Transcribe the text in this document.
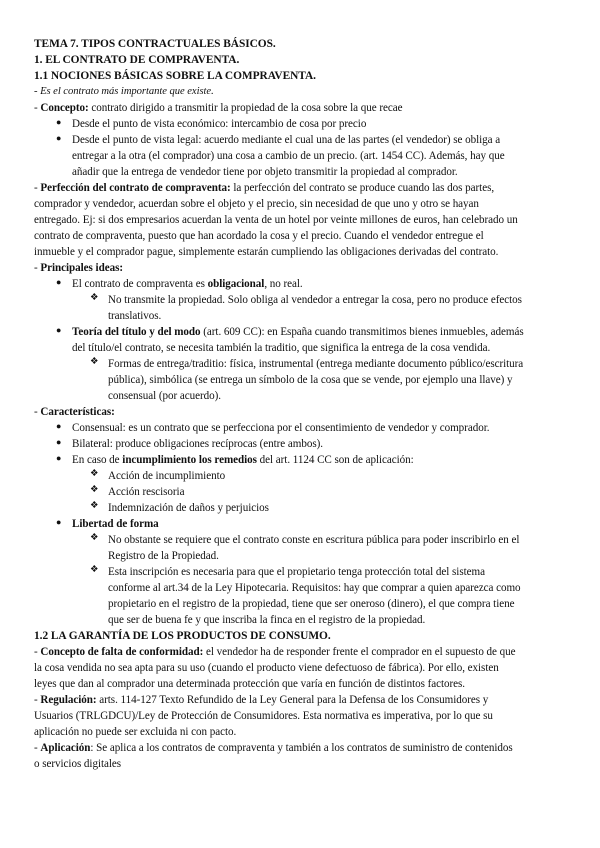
TEMA 7. TIPOS CONTRACTUALES BÁSICOS.
1. EL CONTRATO DE COMPRAVENTA.
1.1 NOCIONES BÁSICAS SOBRE LA COMPRAVENTA.
- Es el contrato más importante que existe.
- Concepto: contrato dirigido a transmitir la propiedad de la cosa sobre la que recae
● Desde el punto de vista económico: intercambio de cosa por precio
● Desde el punto de vista legal: acuerdo mediante el cual una de las partes (el vendedor) se obliga a
entregar a la otra (el comprador) una cosa a cambio de un precio. (art. 1454 CC). Además, hay que
añadir que la entrega de vendedor tiene por objeto transmitir la propiedad al comprador.
- Perfección del contrato de compraventa: la perfección del contrato se produce cuando las dos partes,
comprador y vendedor, acuerdan sobre el objeto y el precio, sin necesidad de que uno y otro se hayan
entregado. Ej: si dos empresarios acuerdan la venta de un hotel por veinte millones de euros, han celebrado un
contrato de compraventa, puesto que han acordado la cosa y el precio. Cuando el vendedor entregue el
inmueble y el comprador pague, simplemente estarán cumpliendo las obligaciones derivadas del contrato.
- Principales ideas:
● El contrato de compraventa es obligacional, no real.
❖ No transmite la propiedad. Solo obliga al vendedor a entregar la cosa, pero no produce efectos
translativos.
● Teoría del título y del modo (art. 609 CC): en España cuando transmitimos bienes inmuebles, además
del título/el contrato, se necesita también la traditio, que significa la entrega de la cosa vendida.
❖ Formas de entrega/traditio: física, instrumental (entrega mediante documento público/escritura
pública), simbólica (se entrega un símbolo de la cosa que se vende, por ejemplo una llave) y
consensual (por acuerdo).
- Características:
● Consensual: es un contrato que se perfecciona por el consentimiento de vendedor y comprador.
● Bilateral: produce obligaciones recíprocas (entre ambos).
● En caso de incumplimiento los remedios del art. 1124 CC son de aplicación:
❖ Acción de incumplimiento
❖ Acción rescisoria
❖ Indemnización de daños y perjuicios
● Libertad de forma
❖ No obstante se requiere que el contrato conste en escritura pública para poder inscribirlo en el
Registro de la Propiedad.
❖ Esta inscripción es necesaria para que el propietario tenga protección total del sistema
conforme al art.34 de la Ley Hipotecaria. Requisitos: hay que comprar a quien aparezca como
propietario en el registro de la propiedad, tiene que ser oneroso (dinero), el que compra tiene
que ser de buena fe y que inscriba la finca en el registro de la propiedad.
1.2 LA GARANTÍA DE LOS PRODUCTOS DE CONSUMO.
- Concepto de falta de conformidad: el vendedor ha de responder frente el comprador en el supuesto de que
la cosa vendida no sea apta para su uso (cuando el producto viene defectuoso de fábrica). Por ello, existen
leyes que dan al comprador una determinada protección que varía en función de distintos factores.
- Regulación: arts. 114-127 Texto Refundido de la Ley General para la Defensa de los Consumidores y
Usuarios (TRLGDCU)/Ley de Protección de Consumidores. Esta normativa es imperativa, por lo que su
aplicación no puede ser excluida ni con pacto.
- Aplicación: Se aplica a los contratos de compraventa y también a los contratos de suministro de contenidos
o servicios digitales
